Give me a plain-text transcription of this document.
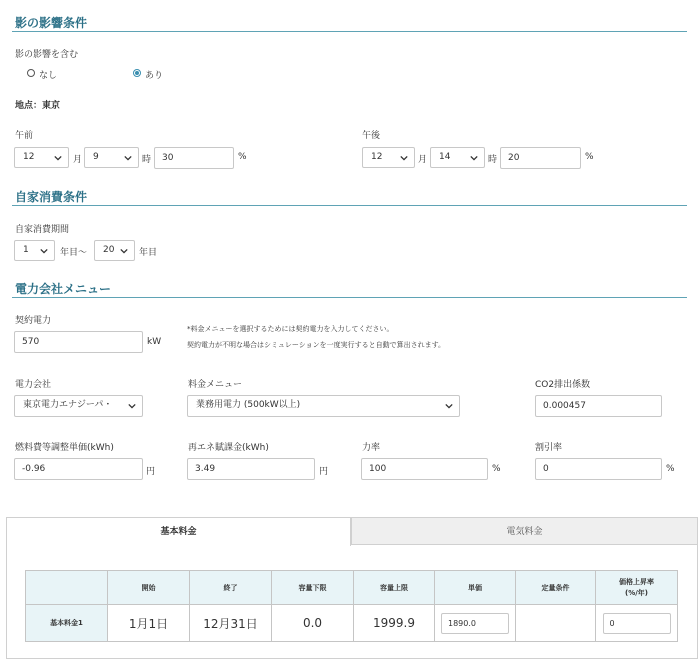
影の影響条件
影の影響を含む
なし	あり
地点：東京
午前
12	月	9	時	30	%
午後
12	月	14	時	20	%
自家消費条件
自家消費期間
1	年目～	20	年目
電力会社メニュー
契約電力
570	kW
*料金メニューを選択するためには契約電力を入力してください。
契約電力が不明な場合はシミュレーションを一度実行すると自動で算出されます。
電力会社
東京電力エナジーパ・
料金メニュー
業務用電力 (500kW以上)
CO2排出係数
0.000457
燃料費等調整単価(kWh)
-0.96	円
再エネ賦課金(kWh)
3.49	円
力率
100	%
割引率
0	%
基本料金	電気料金
	開始	終了	容量下限	容量上限	単価	定量条件	価格上昇率
(%/年)
基本料金1	1月1日	12月31日	0.0	1999.9	1890.0		0
